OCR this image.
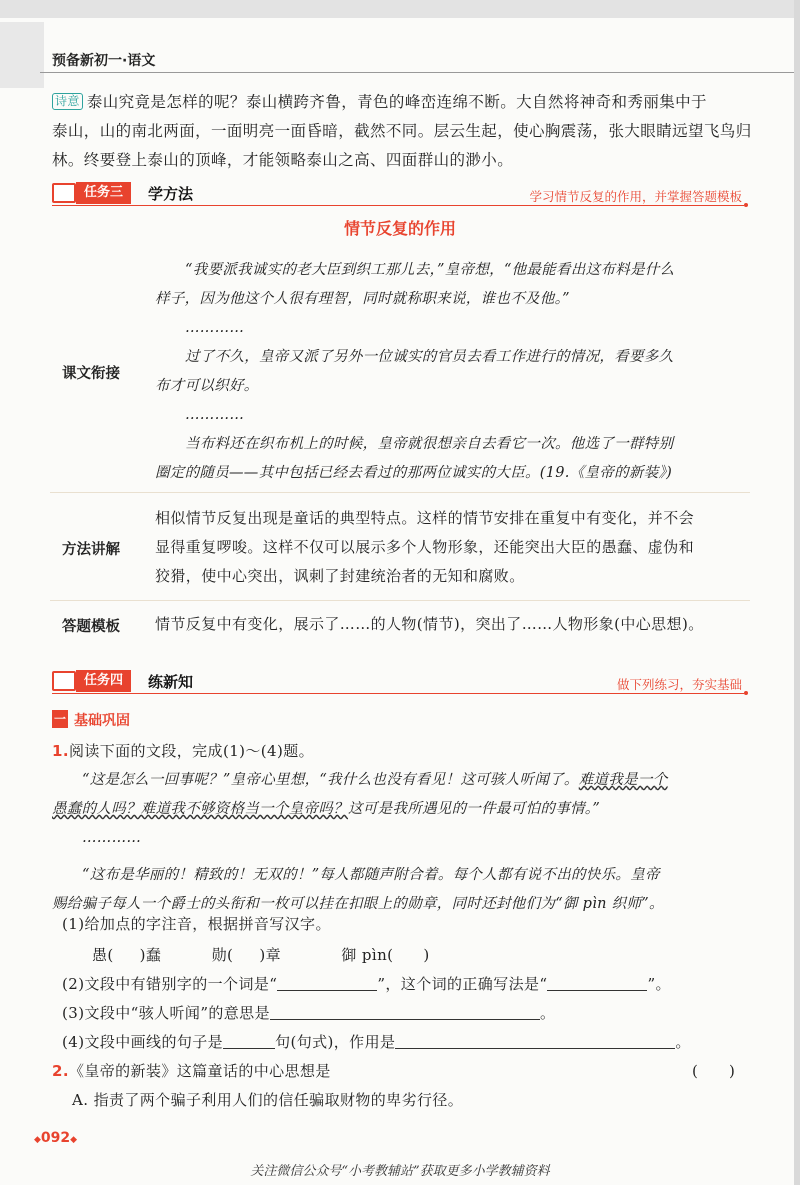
预备新初一·语文
诗意 泰山究竟是怎样的呢？泰山横跨齐鲁，青色的峰峦连绵不断。大自然将神奇和秀丽集中于
泰山，山的南北两面，一面明亮一面昏暗，截然不同。层云生起，使心胸震荡，张大眼睛远望飞鸟归
林。终要登上泰山的顶峰，才能领略泰山之高、四面群山的渺小。
任务三	学方法	学习情节反复的作用，并掌握答题模板
情节反复的作用
课文衔接
“我要派我诚实的老大臣到织工那儿去，”皇帝想，“他最能看出这布料是什么
样子，因为他这个人很有理智，同时就称职来说，谁也不及他。”
…………
过了不久，皇帝又派了另外一位诚实的官员去看工作进行的情况，看要多久
布才可以织好。
…………
当布料还在织布机上的时候，皇帝就很想亲自去看它一次。他选了一群特别
圈定的随员——其中包括已经去看过的那两位诚实的大臣。(19.《皇帝的新装》)
方法讲解
相似情节反复出现是童话的典型特点。这样的情节安排在重复中有变化，并不会
显得重复啰唆。这样不仅可以展示多个人物形象，还能突出大臣的愚蠢、虚伪和
狡猾，使中心突出，讽刺了封建统治者的无知和腐败。
答题模板 情节反复中有变化，展示了……的人物(情节)，突出了……人物形象(中心思想)。
任务四	练新知	做下列练习，夯实基础
一 基础巩固
1.阅读下面的文段，完成(1)～(4)题。
“这是怎么一回事呢？”皇帝心里想，“我什么也没有看见！这可骇人听闻了。难道我是一个
愚蠢的人吗？难道我不够资格当一个皇帝吗？这可是我所遇见的一件最可怕的事情。”
…………
“这布是华丽的！精致的！无双的！”每人都随声附合着。每个人都有说不出的快乐。皇帝
赐给骗子每人一个爵士的头衔和一枚可以挂在扣眼上的勋章，同时还封他们为“御 pìn 织师”。
(1)给加点的字注音，根据拼音写汉字。
愚( )蠢	勋( )章	御 pìn( )
(2)文段中有错别字的一个词是“	”，这个词的正确写法是“	”。
(3)文段中“骇人听闻”的意思是	。
(4)文段中画线的句子是	句(句式)，作用是	。
2.《皇帝的新装》这篇童话的中心思想是	(　　)
A. 指责了两个骗子利用人们的信任骗取财物的卑劣行径。
◆092◆
关注微信公众号“小考教辅站”获取更多小学教辅资料
